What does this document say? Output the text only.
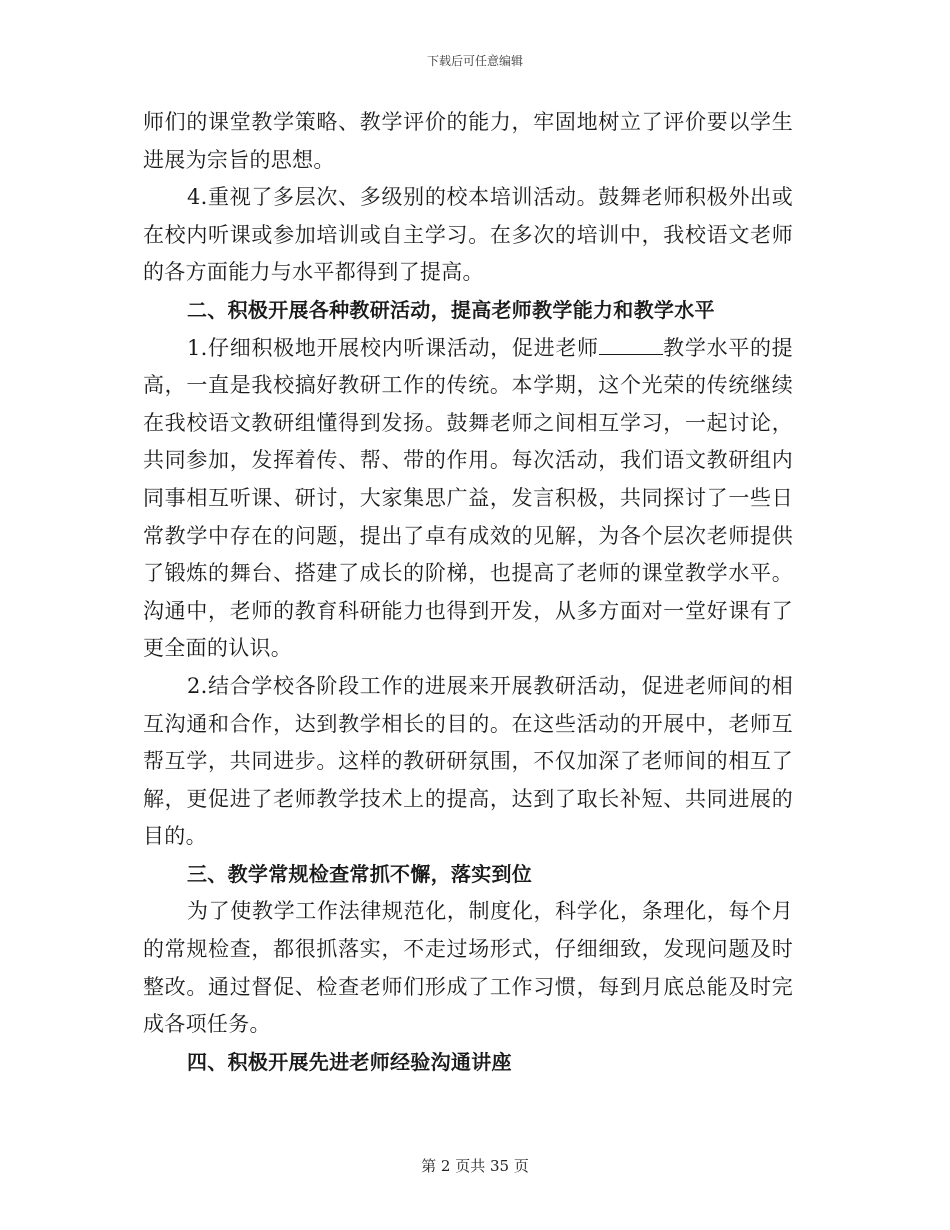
下载后可任意编辑

师们的课堂教学策略、教学评价的能力，牢固地树立了评价要以学生进展为宗旨的思想。

4.重视了多层次、多级别的校本培训活动。鼓舞老师积极外出或在校内听课或参加培训或自主学习。在多次的培训中，我校语文老师的各方面能力与水平都得到了提高。

二、积极开展各种教研活动，提高老师教学能力和教学水平

1.仔细积极地开展校内听课活动，促进老师	教学水平的提高，一直是我校搞好教研工作的传统。本学期，这个光荣的传统继续在我校语文教研组懂得到发扬。鼓舞老师之间相互学习，一起讨论，共同参加，发挥着传、帮、带的作用。每次活动，我们语文教研组内同事相互听课、研讨，大家集思广益，发言积极，共同探讨了一些日常教学中存在的问题，提出了卓有成效的见解，为各个层次老师提供了锻炼的舞台、搭建了成长的阶梯，也提高了老师的课堂教学水平。沟通中，老师的教育科研能力也得到开发，从多方面对一堂好课有了更全面的认识。

2.结合学校各阶段工作的进展来开展教研活动，促进老师间的相互沟通和合作，达到教学相长的目的。在这些活动的开展中，老师互帮互学，共同进步。这样的教研研氛围，不仅加深了老师间的相互了解，更促进了老师教学技术上的提高，达到了取长补短、共同进展的目的。

三、教学常规检查常抓不懈，落实到位

为了使教学工作法律规范化，制度化，科学化，条理化，每个月的常规检查，都很抓落实，不走过场形式，仔细细致，发现问题及时整改。通过督促、检查老师们形成了工作习惯，每到月底总能及时完成各项任务。

四、积极开展先进老师经验沟通讲座

第 2 页共 35 页
